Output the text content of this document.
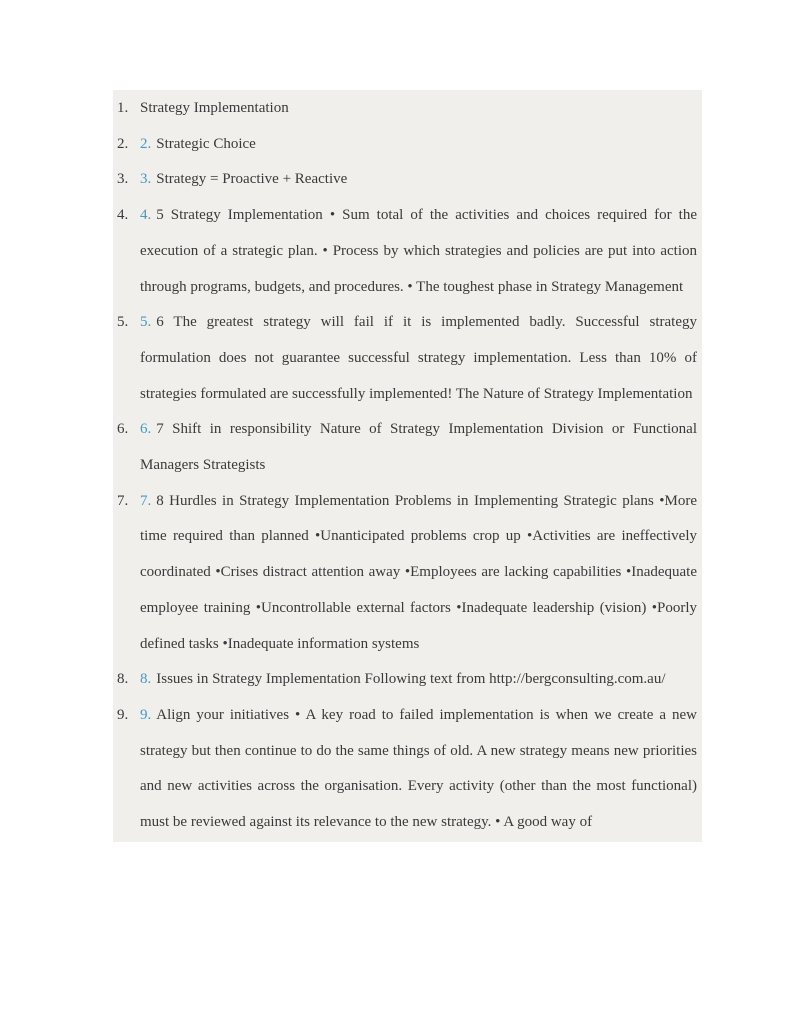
1. Strategy Implementation
2. 2. Strategic Choice
3. 3. Strategy = Proactive + Reactive
4. 4. 5 Strategy Implementation • Sum total of the activities and choices required for the execution of a strategic plan. • Process by which strategies and policies are put into action through programs, budgets, and procedures. • The toughest phase in Strategy Management
5. 5. 6 The greatest strategy will fail if it is implemented badly. Successful strategy formulation does not guarantee successful strategy implementation. Less than 10% of strategies formulated are successfully implemented! The Nature of Strategy Implementation
6. 6. 7 Shift in responsibility Nature of Strategy Implementation Division or Functional Managers Strategists
7. 7. 8 Hurdles in Strategy Implementation Problems in Implementing Strategic plans •More time required than planned •Unanticipated problems crop up •Activities are ineffectively coordinated •Crises distract attention away •Employees are lacking capabilities •Inadequate employee training •Uncontrollable external factors •Inadequate leadership (vision) •Poorly defined tasks •Inadequate information systems
8. 8. Issues in Strategy Implementation Following text from http://bergconsulting.com.au/
9. 9. Align your initiatives • A key road to failed implementation is when we create a new strategy but then continue to do the same things of old. A new strategy means new priorities and new activities across the organisation. Every activity (other than the most functional) must be reviewed against its relevance to the new strategy. • A good way of
